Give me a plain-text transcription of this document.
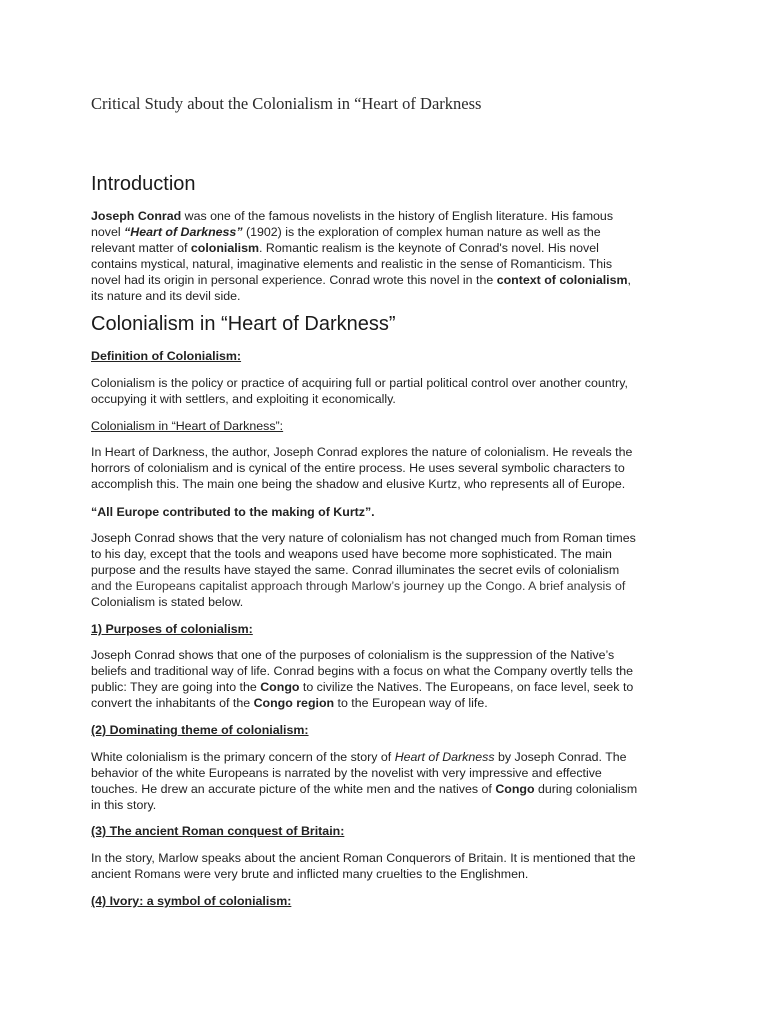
Critical Study about the Colonialism in “Heart of Darkness
Introduction

Joseph Conrad was one of the famous novelists in the history of English literature. His famous
novel “Heart of Darkness” (1902) is the exploration of complex human nature as well as the
relevant matter of colonialism. Romantic realism is the keynote of Conrad's novel. His novel
contains mystical, natural, imaginative elements and realistic in the sense of Romanticism. This
novel had its origin in personal experience. Conrad wrote this novel in the context of colonialism,
its nature and its devil side.

Colonialism in “Heart of Darkness”

Definition of Colonialism:

Colonialism is the policy or practice of acquiring full or partial political control over another country,
occupying it with settlers, and exploiting it economically.

Colonialism in “Heart of Darkness”:

In Heart of Darkness, the author, Joseph Conrad explores the nature of colonialism. He reveals the
horrors of colonialism and is cynical of the entire process. He uses several symbolic characters to
accomplish this. The main one being the shadow and elusive Kurtz, who represents all of Europe.

“All Europe contributed to the making of Kurtz”.

Joseph Conrad shows that the very nature of colonialism has not changed much from Roman times
to his day, except that the tools and weapons used have become more sophisticated. The main
purpose and the results have stayed the same. Conrad illuminates the secret evils of colonialism
and the Europeans capitalist approach through Marlow’s journey up the Congo. A brief analysis of
Colonialism is stated below.

1) Purposes of colonialism:

Joseph Conrad shows that one of the purposes of colonialism is the suppression of the Native’s
beliefs and traditional way of life. Conrad begins with a focus on what the Company overtly tells the
public: They are going into the Congo to civilize the Natives. The Europeans, on face level, seek to
convert the inhabitants of the Congo region to the European way of life.

(2) Dominating theme of colonialism:

White colonialism is the primary concern of the story of Heart of Darkness by Joseph Conrad. The
behavior of the white Europeans is narrated by the novelist with very impressive and effective
touches. He drew an accurate picture of the white men and the natives of Congo during colonialism
in this story.

(3) The ancient Roman conquest of Britain:

In the story, Marlow speaks about the ancient Roman Conquerors of Britain. It is mentioned that the
ancient Romans were very brute and inflicted many cruelties to the Englishmen.

(4) Ivory: a symbol of colonialism:
